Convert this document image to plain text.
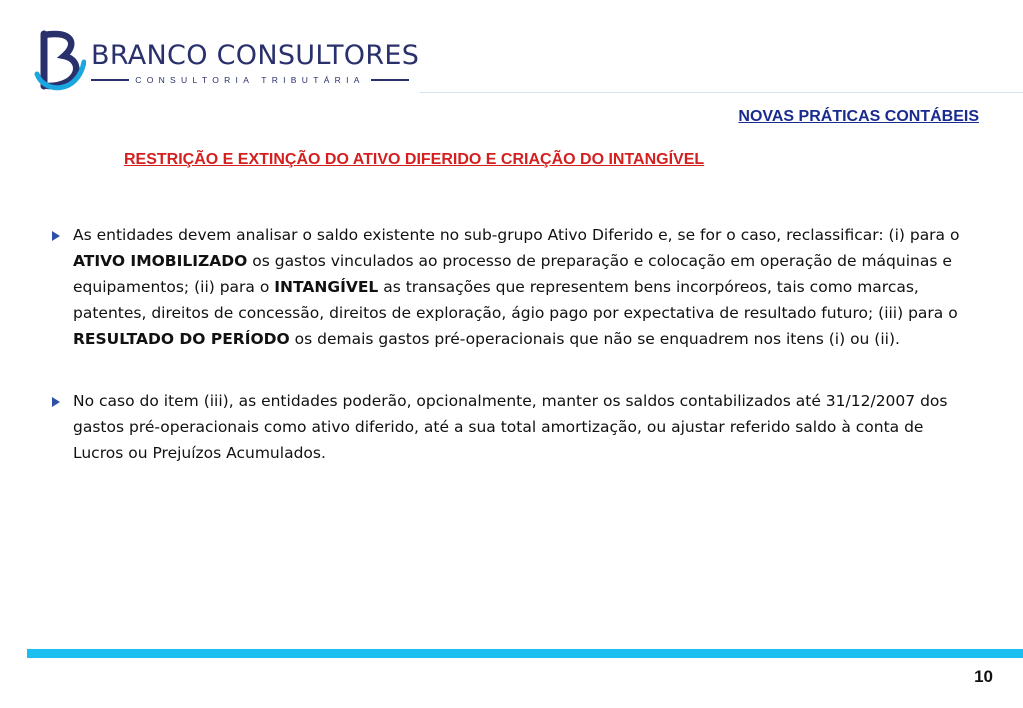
BRANCO CONSULTORES
CONSULTORIA TRIBUTÁRIA
NOVAS PRÁTICAS CONTÁBEIS
RESTRIÇÃO E EXTINÇÃO DO ATIVO DIFERIDO E CRIAÇÃO DO INTANGÍVEL
As entidades devem analisar o saldo existente no sub-grupo Ativo Diferido e, se for o caso, reclassificar: (i) para o ATIVO IMOBILIZADO os gastos vinculados ao processo de preparação e colocação em operação de máquinas e equipamentos; (ii) para o INTANGÍVEL as transações que representem bens incorpóreos, tais como marcas, patentes, direitos de concessão, direitos de exploração, ágio pago por expectativa de resultado futuro; (iii) para o RESULTADO DO PERÍODO os demais gastos pré-operacionais que não se enquadrem nos itens (i) ou (ii).
No caso do item (iii), as entidades poderão, opcionalmente, manter os saldos contabilizados até 31/12/2007 dos gastos pré-operacionais como ativo diferido, até a sua total amortização, ou ajustar referido saldo à conta de Lucros ou Prejuízos Acumulados.
10
